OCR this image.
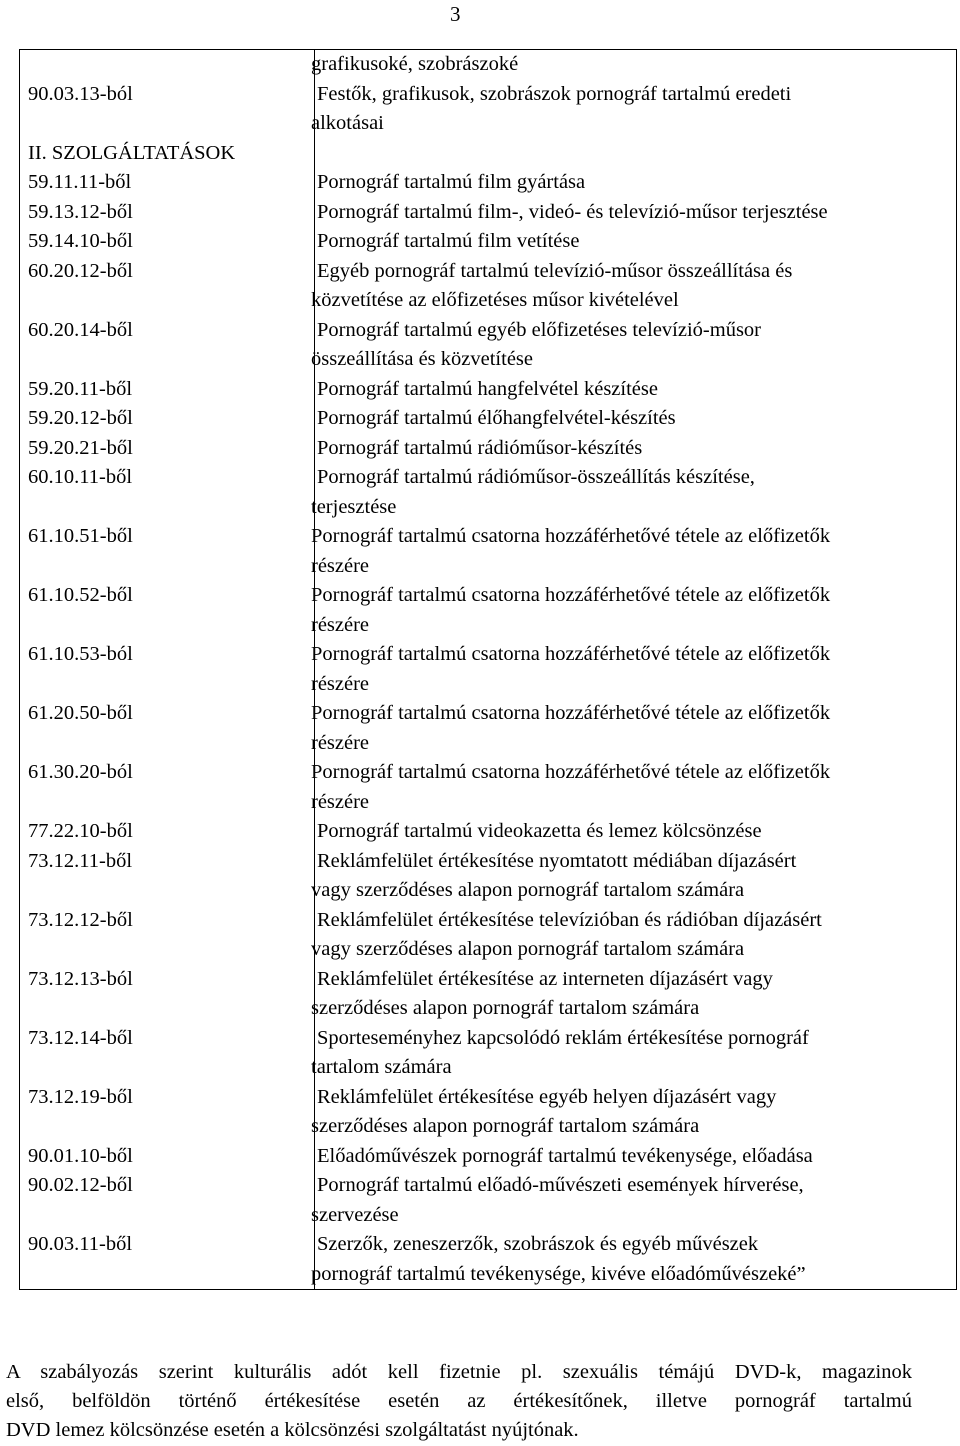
3
grafikusoké, szobrászoké
90.03.13-ból	Festők, grafikusok, szobrászok pornográf tartalmú eredeti
alkotásai
II. SZOLGÁLTATÁSOK
59.11.11-ből	Pornográf tartalmú film gyártása
59.13.12-ből	Pornográf tartalmú film-, videó- és televízió-műsor terjesztése
59.14.10-ből	Pornográf tartalmú film vetítése
60.20.12-ből	Egyéb pornográf tartalmú televízió-műsor összeállítása és
közvetítése az előfizetéses műsor kivételével
60.20.14-ből	Pornográf tartalmú egyéb előfizetéses televízió-műsor
összeállítása és közvetítése
59.20.11-ből	Pornográf tartalmú hangfelvétel készítése
59.20.12-ből	Pornográf tartalmú élőhangfelvétel-készítés
59.20.21-ből	Pornográf tartalmú rádióműsor-készítés
60.10.11-ből	Pornográf tartalmú rádióműsor-összeállítás készítése,
terjesztése
61.10.51-ből	Pornográf tartalmú csatorna hozzáférhetővé tétele az előfizetők
részére
61.10.52-ből	Pornográf tartalmú csatorna hozzáférhetővé tétele az előfizetők
részére
61.10.53-ból	Pornográf tartalmú csatorna hozzáférhetővé tétele az előfizetők
részére
61.20.50-ből	Pornográf tartalmú csatorna hozzáférhetővé tétele az előfizetők
részére
61.30.20-ból	Pornográf tartalmú csatorna hozzáférhetővé tétele az előfizetők
részére
77.22.10-ből	Pornográf tartalmú videokazetta és lemez kölcsönzése
73.12.11-ből	Reklámfelület értékesítése nyomtatott médiában díjazásért
vagy szerződéses alapon pornográf tartalom számára
73.12.12-ből	Reklámfelület értékesítése televízióban és rádióban díjazásért
vagy szerződéses alapon pornográf tartalom számára
73.12.13-ból	Reklámfelület értékesítése az interneten díjazásért vagy
szerződéses alapon pornográf tartalom számára
73.12.14-ből	Sporteseményhez kapcsolódó reklám értékesítése pornográf
tartalom számára
73.12.19-ből	Reklámfelület értékesítése egyéb helyen díjazásért vagy
szerződéses alapon pornográf tartalom számára
90.01.10-ből	Előadóművészek pornográf tartalmú tevékenysége, előadása
90.02.12-ből	Pornográf tartalmú előadó-művészeti események hírverése,
szervezése
90.03.11-ből	Szerzők, zeneszerzők, szobrászok és egyéb művészek
pornográf tartalmú tevékenysége, kivéve előadóművészeké”
A szabályozás szerint kulturális adót kell fizetnie pl. szexuális témájú DVD-k, magazinok
első, belföldön történő értékesítése esetén az értékesítőnek, illetve pornográf tartalmú
DVD lemez kölcsönzése esetén a kölcsönzési szolgáltatást nyújtónak.
